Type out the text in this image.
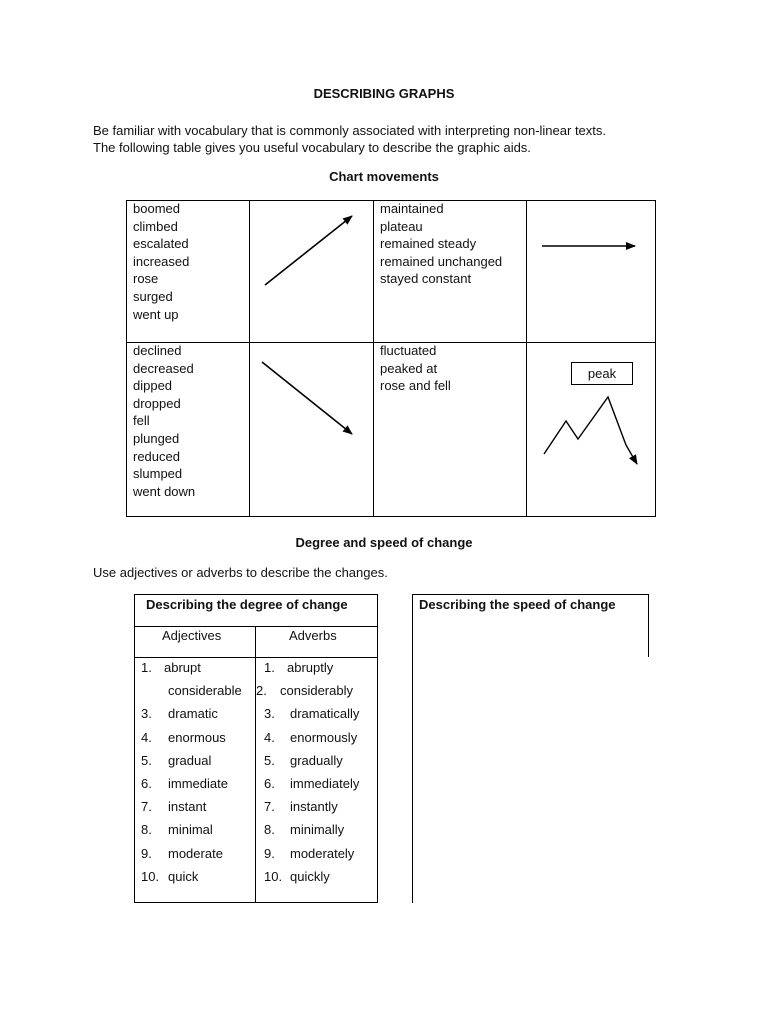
DESCRIBING GRAPHS
Be familiar with vocabulary that is commonly associated with interpreting non-linear texts.
The following table gives you useful vocabulary to describe the graphic aids.
Chart movements
boomed
climbed
escalated
increased
rose
surged
went up
maintained
plateau
remained steady
remained unchanged
stayed constant
declined
decreased
dipped
dropped
fell
plunged
reduced
slumped
went down
fluctuated
peaked at
rose and fell
peak
Degree and speed of change
Use adjectives or adverbs to describe the changes.
Describing the degree of change
Adjectives	Adverbs
1. abrupt
considerable
3. dramatic
4. enormous
5. gradual
6. immediate
7. instant
8. minimal
9. moderate
10. quick
1. abruptly
2. considerably
3. dramatically
4. enormously
5. gradually
6. immediately
7. instantly
8. minimally
9. moderately
10. quickly
Describing the speed of change
